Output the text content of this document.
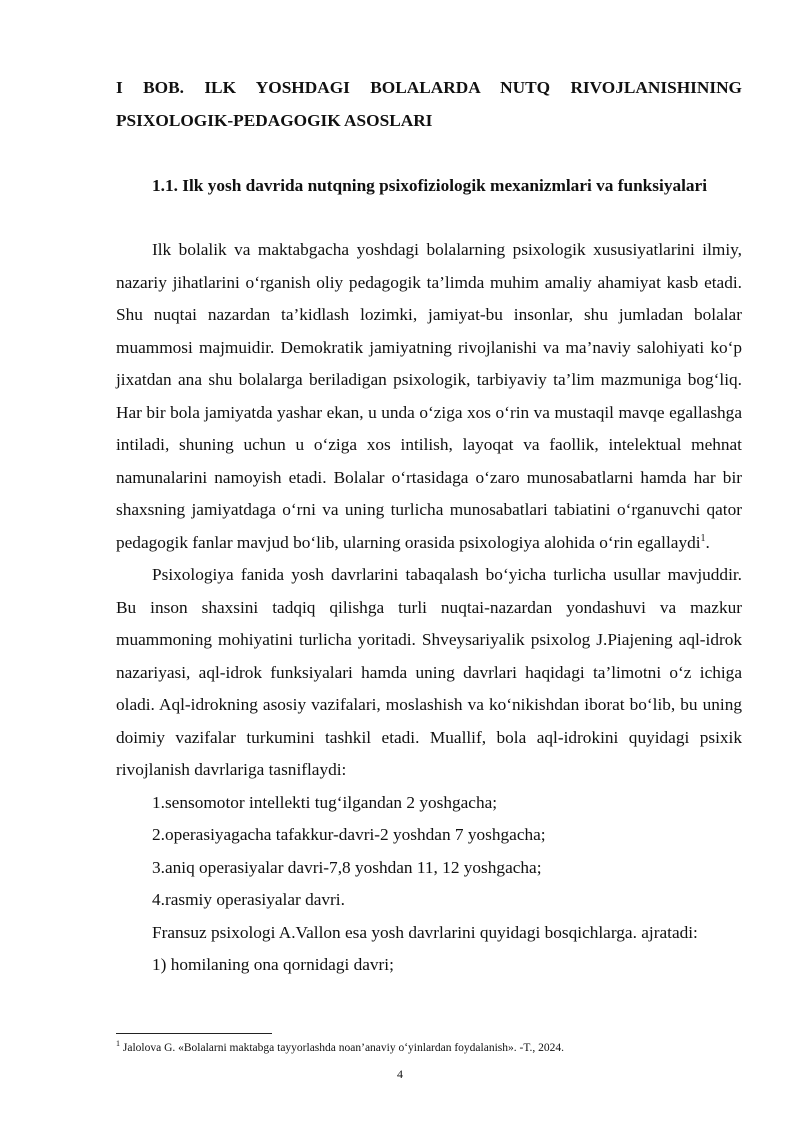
I BOB. ILK YOSHDAGI BOLALARDA NUTQ RIVOJLANISHINING PSIXOLOGIK-PEDAGOGIK ASOSLARI
1.1. Ilk yosh davrida nutqning psixofiziologik mexanizmlari va funksiyalari

Ilk bolalik va maktabgacha yoshdagi bolalarning psixologik xususiyatlarini ilmiy, nazariy jihatlarini o‘rganish oliy pedagogik ta’limda muhim amaliy ahamiyat kasb etadi. Shu nuqtai nazardan ta’kidlash lozimki, jamiyat-bu insonlar, shu jumladan bolalar muammosi majmuidir. Demokratik jamiyatning rivojlanishi va ma’naviy salohiyati ko‘p jixatdan ana shu bolalarga beriladigan psixologik, tarbiyaviy ta’lim mazmuniga bog‘liq. Har bir bola jamiyatda yashar ekan, u unda o‘ziga xos o‘rin va mustaqil mavqe egallashga intiladi, shuning uchun u o‘ziga xos intilish, layoqat va faollik, intelektual mehnat namunalarini namoyish etadi. Bolalar o‘rtasidaga o‘zaro munosabatlarni hamda har bir shaxsning jamiyatdaga o‘rni va uning turlicha munosabatlari tabiatini o‘rganuvchi qator pedagogik fanlar mavjud bo‘lib, ularning orasida psixologiya alohida o‘rin egallaydi$^1$.

Psixologiya fanida yosh davrlarini tabaqalash bo‘yicha turlicha usullar mavjuddir. Bu inson shaxsini tadqiq qilishga turli nuqtai-nazardan yondashuvi va mazkur muammoning mohiyatini turlicha yoritadi. Shveysariyalik psixolog J.Piajening aql-idrok nazariyasi, aql-idrok funksiyalari hamda uning davrlari haqidagi ta’limotni o‘z ichiga oladi. Aql-idrokning asosiy vazifalari, moslashish va ko‘nikishdan iborat bo‘lib, bu uning doimiy vazifalar turkumini tashkil etadi. Muallif, bola aql-idrokini quyidagi psixik rivojlanish davrlariga tasniflaydi:

1.sensomotor intellekti tug‘ilgandan 2 yoshgacha;

2.operasiyagacha tafakkur-davri-2 yoshdan 7 yoshgacha;

3.aniq operasiyalar davri-7,8 yoshdan 11, 12 yoshgacha;

4.rasmiy operasiyalar davri.

Fransuz psixologi A.Vallon esa yosh davrlarini quyidagi bosqichlarga. ajratadi:

1) homilaning ona qornidagi davri;

$^1$ Jalolova G. «Bolalarni maktabga tayyorlashda noan’anaviy o‘yinlardan foydalanish». -T., 2024.

4
